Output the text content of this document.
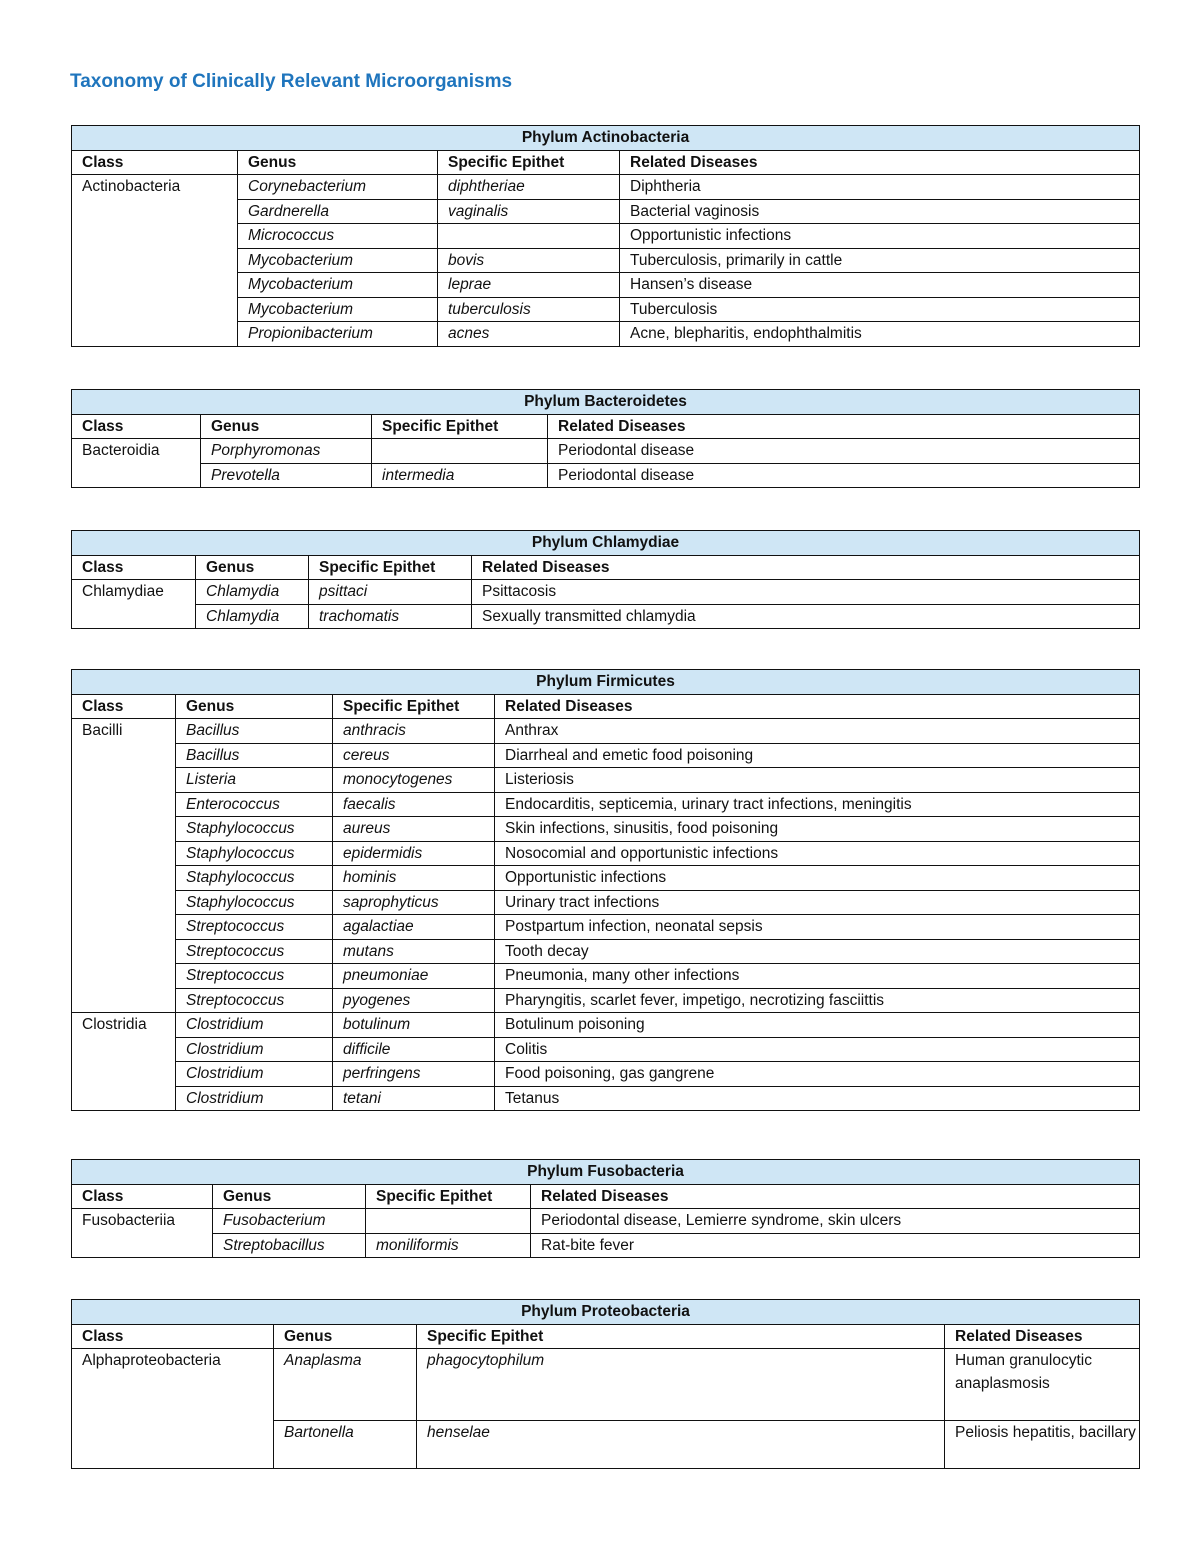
Taxonomy of Clinically Relevant Microorganisms
Phylum Actinobacteria			
Class	Genus	Specific Epithet	Related Diseases
Actinobacteria	Corynebacterium	diphtheriae	Diphtheria
	Gardnerella	vaginalis	Bacterial vaginosis
	Micrococcus		Opportunistic infections
	Mycobacterium	bovis	Tuberculosis, primarily in cattle
	Mycobacterium	leprae	Hansen’s disease
	Mycobacterium	tuberculosis	Tuberculosis
	Propionibacterium	acnes	Acne, blepharitis, endophthalmitis
Phylum Bacteroidetes			
Class	Genus	Specific Epithet	Related Diseases
Bacteroidia	Porphyromonas		Periodontal disease
	Prevotella	intermedia	Periodontal disease
Phylum Chlamydiae			
Class	Genus	Specific Epithet	Related Diseases
Chlamydiae	Chlamydia	psittaci	Psittacosis
	Chlamydia	trachomatis	Sexually transmitted chlamydia
Phylum Firmicutes			
Class	Genus	Specific Epithet	Related Diseases
Bacilli	Bacillus	anthracis	Anthrax
	Bacillus	cereus	Diarrheal and emetic food poisoning
	Listeria	monocytogenes	Listeriosis
	Enterococcus	faecalis	Endocarditis, septicemia, urinary tract infections, meningitis
	Staphylococcus	aureus	Skin infections, sinusitis, food poisoning
	Staphylococcus	epidermidis	Nosocomial and opportunistic infections
	Staphylococcus	hominis	Opportunistic infections
	Staphylococcus	saprophyticus	Urinary tract infections
	Streptococcus	agalactiae	Postpartum infection, neonatal sepsis
	Streptococcus	mutans	Tooth decay
	Streptococcus	pneumoniae	Pneumonia, many other infections
	Streptococcus	pyogenes	Pharyngitis, scarlet fever, impetigo, necrotizing fasciittis
Clostridia	Clostridium	botulinum	Botulinum poisoning
	Clostridium	difficile	Colitis
	Clostridium	perfringens	Food poisoning, gas gangrene
	Clostridium	tetani	Tetanus
Phylum Fusobacteria			
Class	Genus	Specific Epithet	Related Diseases
Fusobacteriia	Fusobacterium		Periodontal disease, Lemierre syndrome, skin ulcers
	Streptobacillus	moniliformis	Rat-bite fever
Phylum Proteobacteria			
Class	Genus	Specific Epithet	Related Diseases
Alphaproteobacteria	Anaplasma	phagocytophilum	Human granulocytic anaplasmosis
	Bartonella	henselae	Peliosis hepatitis, bacillary
